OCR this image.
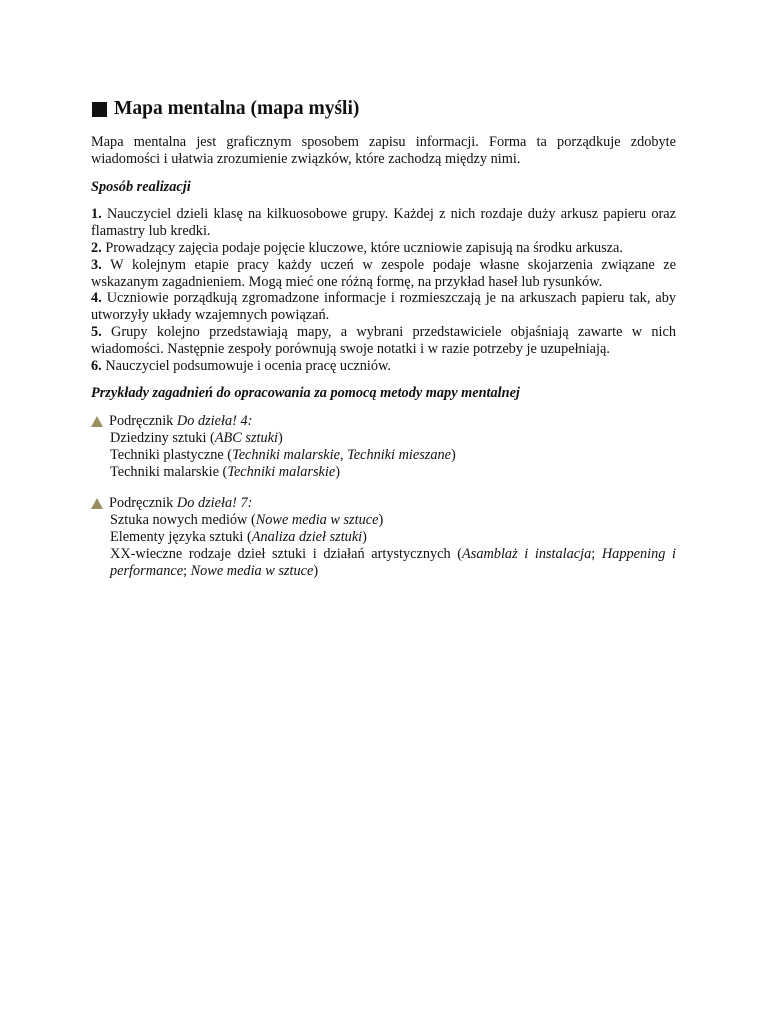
Mapa mentalna (mapa myśli)

Mapa mentalna jest graficznym sposobem zapisu informacji. Forma ta porządkuje zdobyte wiadomości i ułatwia zrozumienie związków, które zachodzą między nimi.

Sposób realizacji

1. Nauczyciel dzieli klasę na kilkuosobowe grupy. Każdej z nich rozdaje duży arkusz papieru oraz flamastry lub kredki.

2. Prowadzący zajęcia podaje pojęcie kluczowe, które uczniowie zapisują na środku arkusza.

3. W kolejnym etapie pracy każdy uczeń w zespole podaje własne skojarzenia związane ze wskazanym zagadnieniem. Mogą mieć one różną formę, na przykład haseł lub rysunków.

4. Uczniowie porządkują zgromadzone informacje i rozmieszczają je na arkuszach papieru tak, aby utworzyły układy wzajemnych powiązań.

5. Grupy kolejno przedstawiają mapy, a wybrani przedstawiciele objaśniają zawarte w nich wiadomości. Następnie zespoły porównują swoje notatki i w razie potrzeby je uzupełniają.

6. Nauczyciel podsumowuje i ocenia pracę uczniów.

Przykłady zagadnień do opracowania za pomocą metody mapy mentalnej

Podręcznik
Do dzieła! 4:

Dziedziny sztuki (ABC sztuki)

Techniki plastyczne (Techniki malarskie, Techniki mieszane)

Techniki malarskie (Techniki malarskie)

Podręcznik
Do dzieła! 7:

Sztuka nowych mediów (Nowe media w sztuce)

Elementy języka sztuki (Analiza dzieł sztuki)

XX-wieczne rodzaje dzieł sztuki i działań artystycznych (Asamblaż i instalacja; Happening i performance; Nowe media w sztuce)
